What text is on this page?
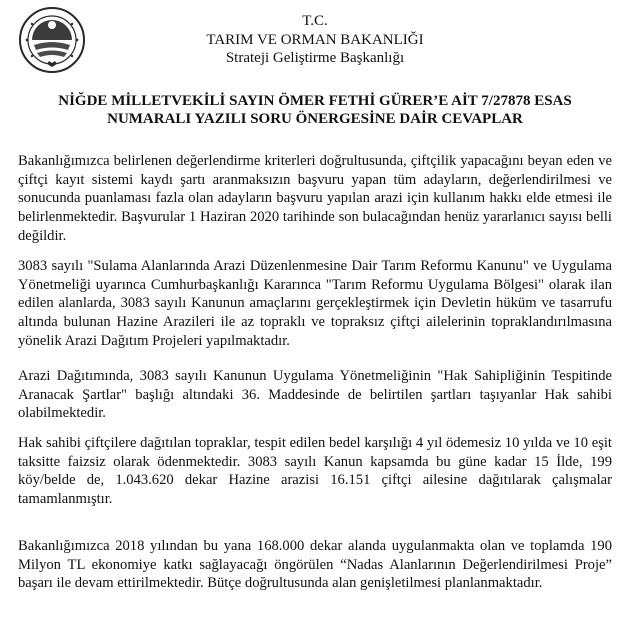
T.C.
TARIM VE ORMAN BAKANLIĞI
Strateji Geliştirme Başkanlığı
NİĞDE MİLLETVEKİLİ SAYIN ÖMER FETHİ GÜRER’E AİT 7/27878 ESAS
NUMARALI YAZILI SORU ÖNERGESİNE DAİR CEVAPLAR

Bakanlığımızca belirlenen değerlendirme kriterleri doğrultusunda, çiftçilik yapacağını beyan eden ve çiftçi kayıt sistemi kaydı şartı aranmaksızın başvuru yapan tüm adayların, değerlendirilmesi ve sonucunda puanlaması fazla olan adayların başvuru yapılan arazi için kullanım hakkı elde etmesi ile belirlenmektedir. Başvurular 1 Haziran 2020 tarihinde son bulacağından henüz yararlanıcı sayısı belli değildir.

3083 sayılı "Sulama Alanlarında Arazi Düzenlenmesine Dair Tarım Reformu Kanunu" ve Uygulama Yönetmeliği uyarınca Cumhurbaşkanlığı Kararınca "Tarım Reformu Uygulama Bölgesi" olarak ilan edilen alanlarda, 3083 sayılı Kanunun amaçlarını gerçekleştirmek için Devletin hüküm ve tasarrufu altında bulunan Hazine Arazileri ile az topraklı ve topraksız çiftçi ailelerinin topraklandırılmasına yönelik Arazi Dağıtım Projeleri yapılmaktadır.

Arazi Dağıtımında, 3083 sayılı Kanunun Uygulama Yönetmeliğinin "Hak Sahipliğinin Tespitinde Aranacak Şartlar" başlığı altındaki 36. Maddesinde de belirtilen şartları taşıyanlar Hak sahibi olabilmektedir.

Hak sahibi çiftçilere dağıtılan topraklar, tespit edilen bedel karşılığı 4 yıl ödemesiz 10 yılda ve 10 eşit taksitte faizsiz olarak ödenmektedir. 3083 sayılı Kanun kapsamda bu güne kadar 15 İlde, 199 köy/belde de, 1.043.620 dekar Hazine arazisi 16.151 çiftçi ailesine dağıtılarak çalışmalar tamamlanmıştır.

Bakanlığımızca 2018 yılından bu yana 168.000 dekar alanda uygulanmakta olan ve toplamda 190 Milyon TL ekonomiye katkı sağlayacağı öngörülen “Nadas Alanlarının Değerlendirilmesi Proje” başarı ile devam ettirilmektedir. Bütçe doğrultusunda alan genişletilmesi planlanmaktadır.
